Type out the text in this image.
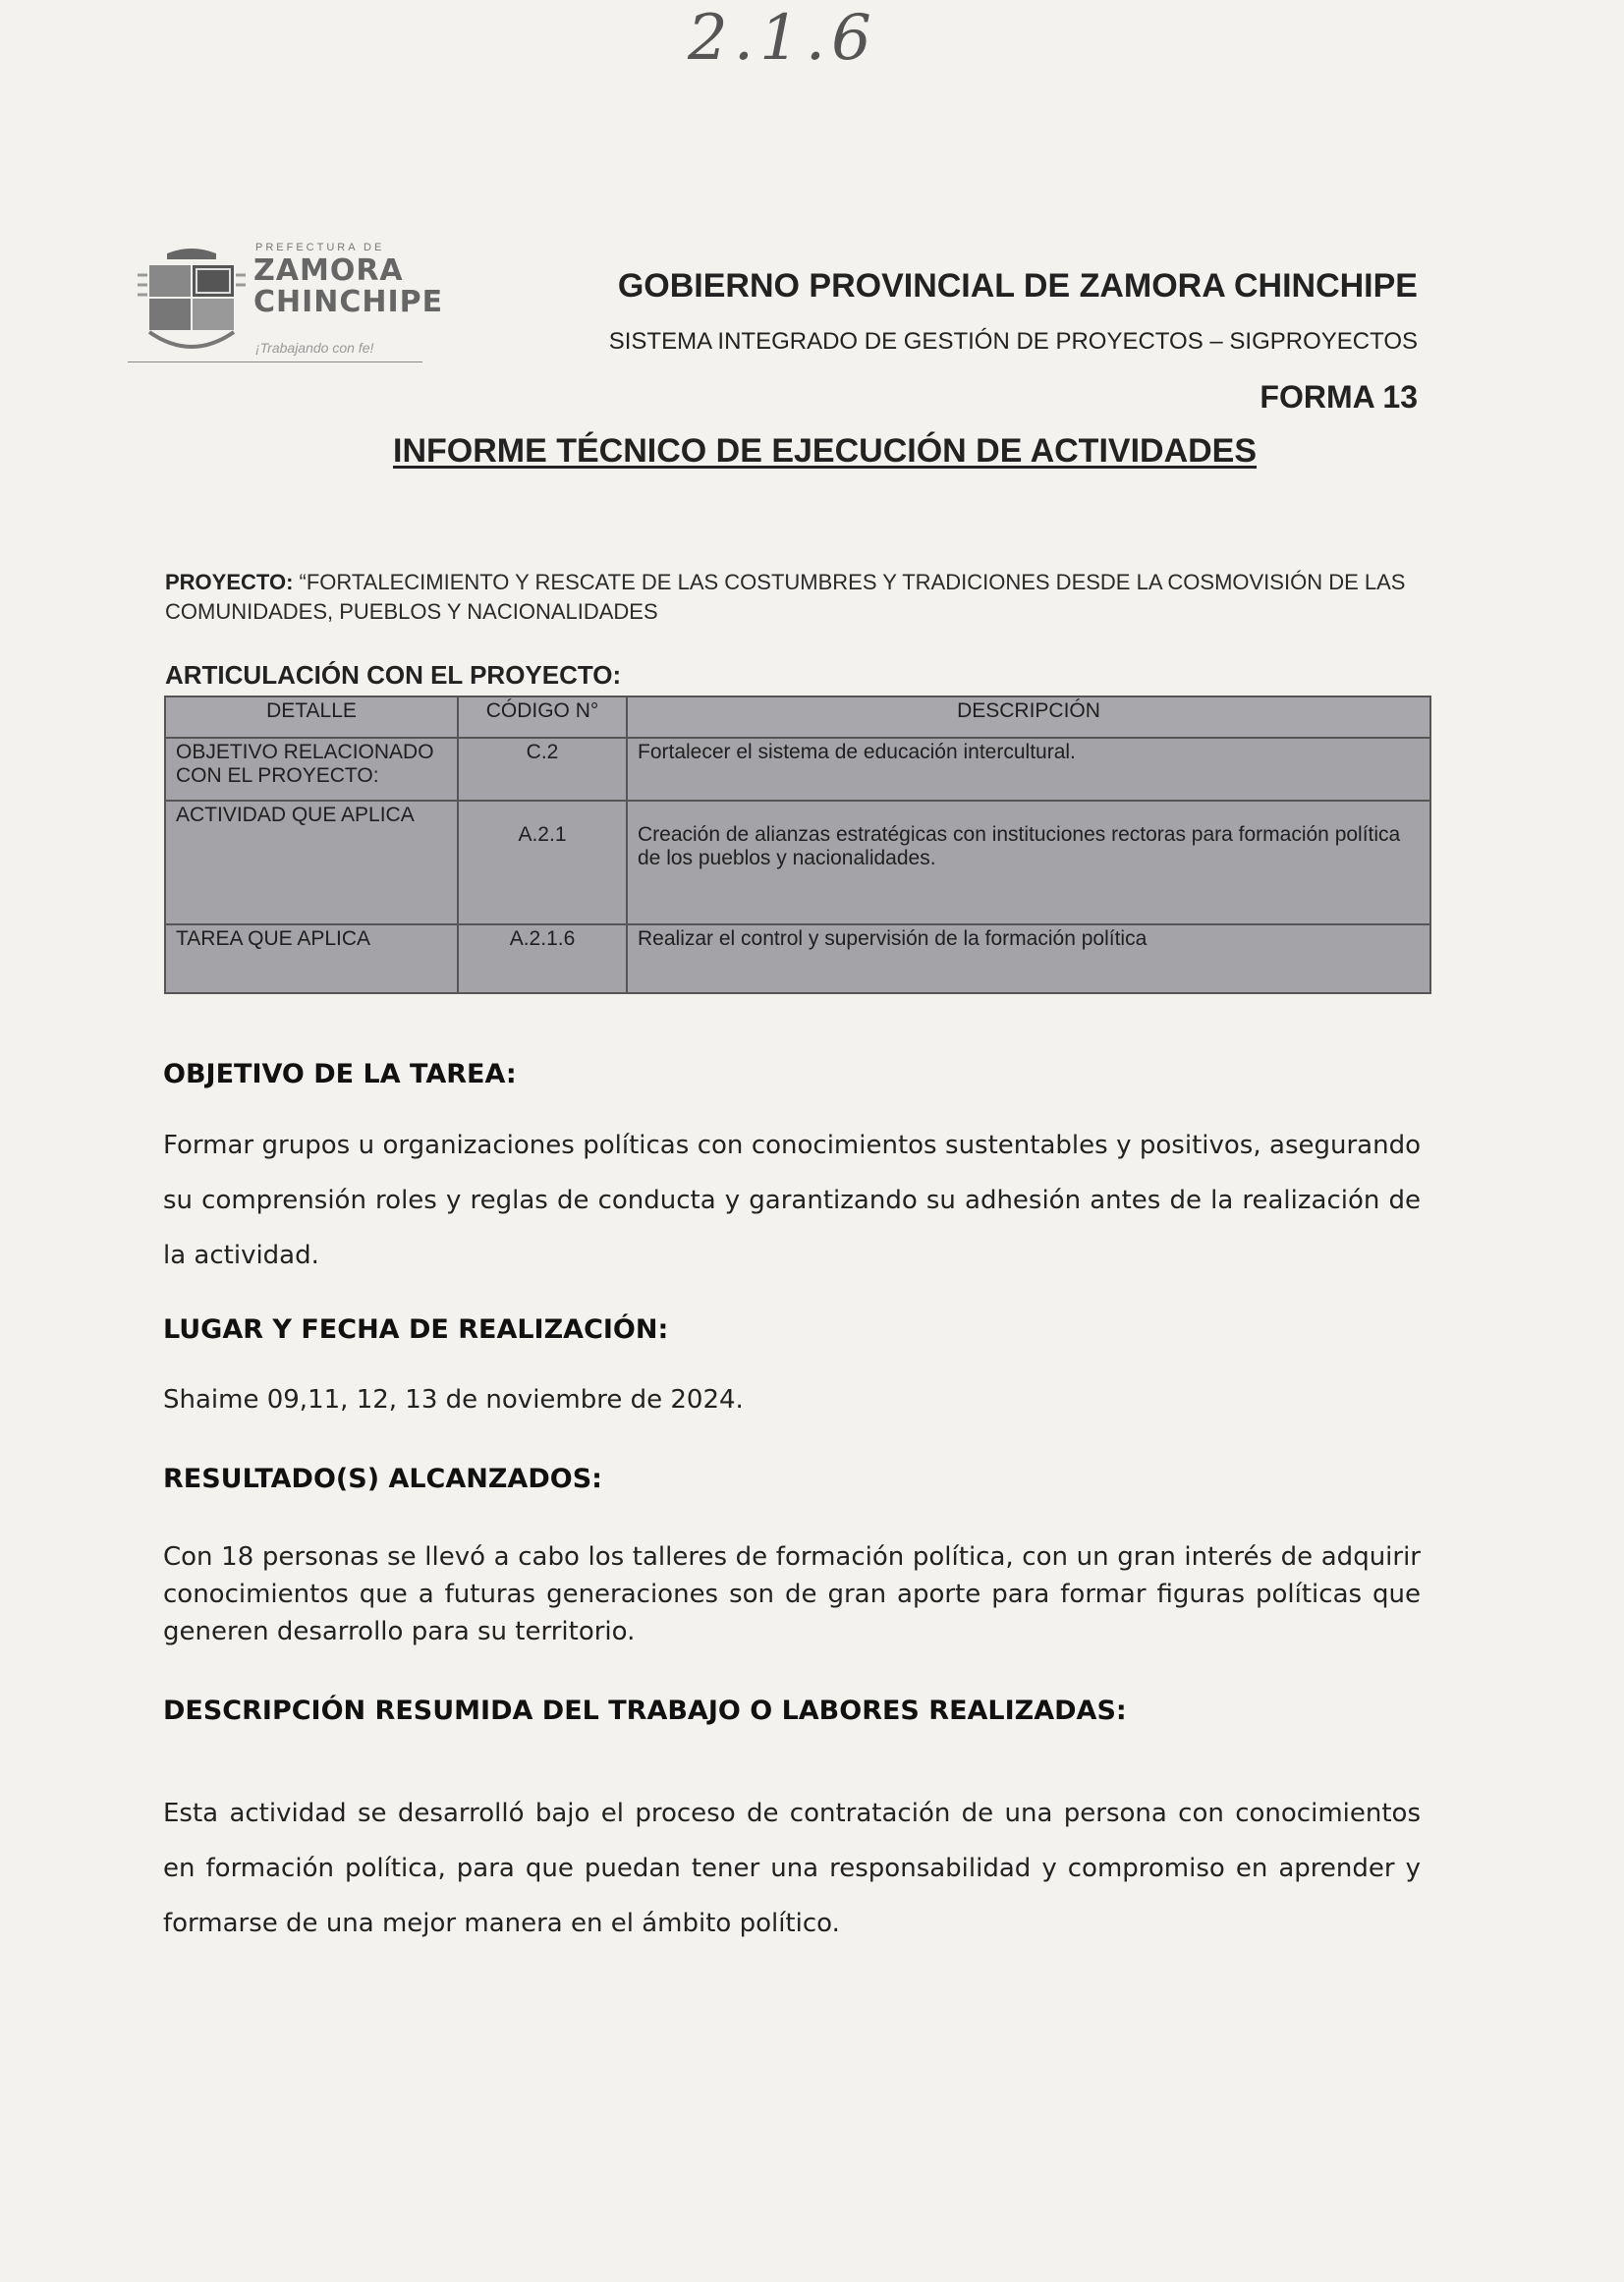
2.1.6
PREFECTURA DE
ZAMORA
CHINCHIPE
¡Trabajando con fe!
GOBIERNO PROVINCIAL DE ZAMORA CHINCHIPE
SISTEMA INTEGRADO DE GESTIÓN DE PROYECTOS – SIGPROYECTOS
FORMA 13
INFORME TÉCNICO DE EJECUCIÓN DE ACTIVIDADES
PROYECTO: “FORTALECIMIENTO Y RESCATE DE LAS COSTUMBRES Y TRADICIONES DESDE LA COSMOVISIÓN DE LAS COMUNIDADES, PUEBLOS Y NACIONALIDADES
ARTICULACIÓN CON EL PROYECTO:
DETALLE	CÓDIGO N°	DESCRIPCIÓN
OBJETIVO RELACIONADO CON EL PROYECTO:	C.2	Fortalecer el sistema de educación intercultural.
ACTIVIDAD QUE APLICA	A.2.1	Creación de alianzas estratégicas con instituciones rectoras para formación política de los pueblos y nacionalidades.
TAREA QUE APLICA	A.2.1.6	Realizar el control y supervisión de la formación política
OBJETIVO DE LA TAREA:
Formar grupos u organizaciones políticas con conocimientos sustentables y positivos, asegurando su comprensión roles y reglas de conducta y garantizando su adhesión antes de la realización de la actividad.
LUGAR Y FECHA DE REALIZACIÓN:
Shaime 09,11, 12, 13 de noviembre de 2024.
RESULTADO(S) ALCANZADOS:
Con 18 personas se llevó a cabo los talleres de formación política, con un gran interés de adquirir conocimientos que a futuras generaciones son de gran aporte para formar figuras políticas que generen desarrollo para su territorio.
DESCRIPCIÓN RESUMIDA DEL TRABAJO O LABORES REALIZADAS:
Esta actividad se desarrolló bajo el proceso de contratación de una persona con conocimientos en formación política, para que puedan tener una responsabilidad y compromiso en aprender y formarse de una mejor manera en el ámbito político.
